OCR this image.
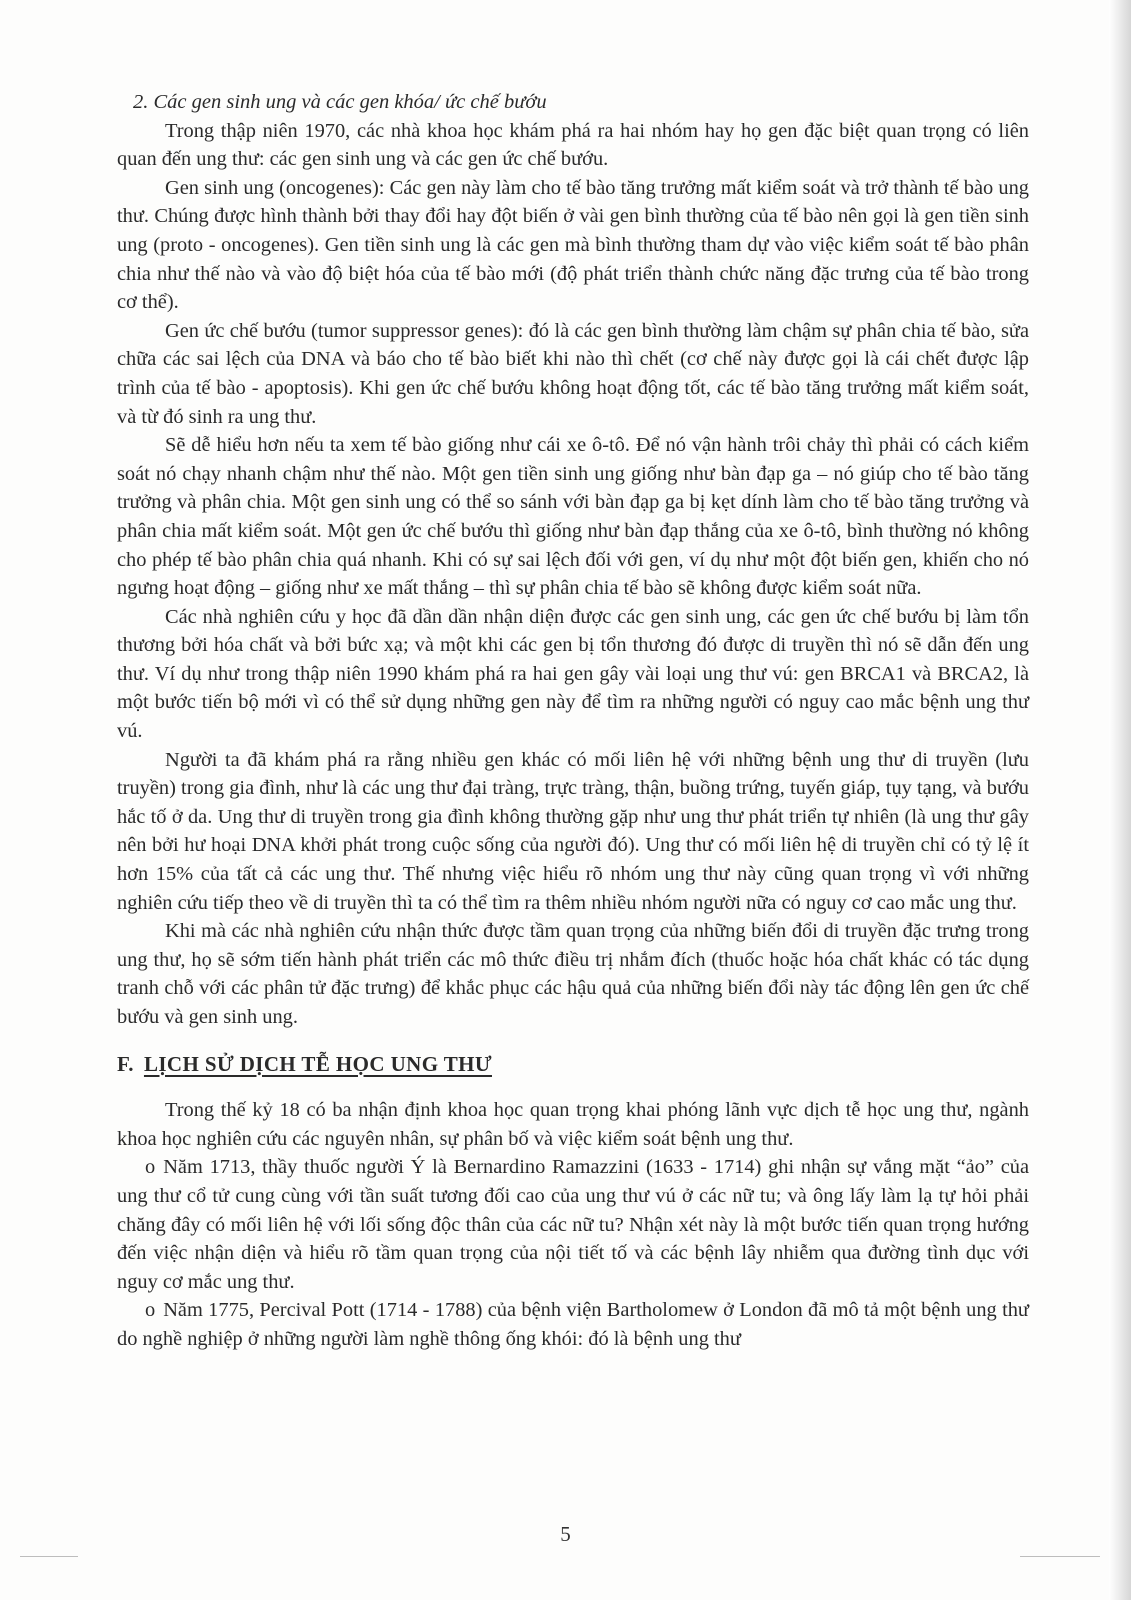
2. Các gen sinh ung và các gen khóa/ ức chế bướu

Trong thập niên 1970, các nhà khoa học khám phá ra hai nhóm hay họ gen đặc biệt quan trọng có liên quan đến ung thư: các gen sinh ung và các gen ức chế bướu.

Gen sinh ung (oncogenes): Các gen này làm cho tế bào tăng trưởng mất kiểm soát và trở thành tế bào ung thư. Chúng được hình thành bởi thay đổi hay đột biến ở vài gen bình thường của tế bào nên gọi là gen tiền sinh ung (proto - oncogenes). Gen tiền sinh ung là các gen mà bình thường tham dự vào việc kiểm soát tế bào phân chia như thế nào và vào độ biệt hóa của tế bào mới (độ phát triển thành chức năng đặc trưng của tế bào trong cơ thể).

Gen ức chế bướu (tumor suppressor genes): đó là các gen bình thường làm chậm sự phân chia tế bào, sửa chữa các sai lệch của DNA và báo cho tế bào biết khi nào thì chết (cơ chế này được gọi là cái chết được lập trình của tế bào - apoptosis). Khi gen ức chế bướu không hoạt động tốt, các tế bào tăng trưởng mất kiểm soát, và từ đó sinh ra ung thư.

Sẽ dễ hiểu hơn nếu ta xem tế bào giống như cái xe ô-tô. Để nó vận hành trôi chảy thì phải có cách kiểm soát nó chạy nhanh chậm như thế nào. Một gen tiền sinh ung giống như bàn đạp ga – nó giúp cho tế bào tăng trưởng và phân chia. Một gen sinh ung có thể so sánh với bàn đạp ga bị kẹt dính làm cho tế bào tăng trưởng và phân chia mất kiểm soát. Một gen ức chế bướu thì giống như bàn đạp thắng của xe ô-tô, bình thường nó không cho phép tế bào phân chia quá nhanh. Khi có sự sai lệch đối với gen, ví dụ như một đột biến gen, khiến cho nó ngưng hoạt động – giống như xe mất thắng – thì sự phân chia tế bào sẽ không được kiểm soát nữa.

Các nhà nghiên cứu y học đã dần dần nhận diện được các gen sinh ung, các gen ức chế bướu bị làm tổn thương bởi hóa chất và bởi bức xạ; và một khi các gen bị tổn thương đó được di truyền thì nó sẽ dẫn đến ung thư. Ví dụ như trong thập niên 1990 khám phá ra hai gen gây vài loại ung thư vú: gen BRCA1 và BRCA2, là một bước tiến bộ mới vì có thể sử dụng những gen này để tìm ra những người có nguy cao mắc bệnh ung thư vú.

Người ta đã khám phá ra rằng nhiều gen khác có mối liên hệ với những bệnh ung thư di truyền (lưu truyền) trong gia đình, như là các ung thư đại tràng, trực tràng, thận, buồng trứng, tuyến giáp, tụy tạng, và bướu hắc tố ở da. Ung thư di truyền trong gia đình không thường gặp như ung thư phát triển tự nhiên (là ung thư gây nên bởi hư hoại DNA khởi phát trong cuộc sống của người đó). Ung thư có mối liên hệ di truyền chỉ có tỷ lệ ít hơn 15% của tất cả các ung thư. Thế nhưng việc hiểu rõ nhóm ung thư này cũng quan trọng vì với những nghiên cứu tiếp theo về di truyền thì ta có thể tìm ra thêm nhiều nhóm người nữa có nguy cơ cao mắc ung thư.

Khi mà các nhà nghiên cứu nhận thức được tầm quan trọng của những biến đổi di truyền đặc trưng trong ung thư, họ sẽ sớm tiến hành phát triển các mô thức điều trị nhắm đích (thuốc hoặc hóa chất khác có tác dụng tranh chỗ với các phân tử đặc trưng) để khắc phục các hậu quả của những biến đổi này tác động lên gen ức chế bướu và gen sinh ung.

F. LỊCH SỬ DỊCH TỄ HỌC UNG THƯ

Trong thế kỷ 18 có ba nhận định khoa học quan trọng khai phóng lãnh vực dịch tễ học ung thư, ngành khoa học nghiên cứu các nguyên nhân, sự phân bố và việc kiểm soát bệnh ung thư.

o Năm 1713, thầy thuốc người Ý là Bernardino Ramazzini (1633 - 1714) ghi nhận sự vắng mặt “ảo” của ung thư cổ tử cung cùng với tần suất tương đối cao của ung thư vú ở các nữ tu; và ông lấy làm lạ tự hỏi phải chăng đây có mối liên hệ với lối sống độc thân của các nữ tu? Nhận xét này là một bước tiến quan trọng hướng đến việc nhận diện và hiểu rõ tầm quan trọng của nội tiết tố và các bệnh lây nhiễm qua đường tình dục với nguy cơ mắc ung thư.

o Năm 1775, Percival Pott (1714 - 1788) của bệnh viện Bartholomew ở London đã mô tả một bệnh ung thư do nghề nghiệp ở những người làm nghề thông ống khói: đó là bệnh ung thư

5
